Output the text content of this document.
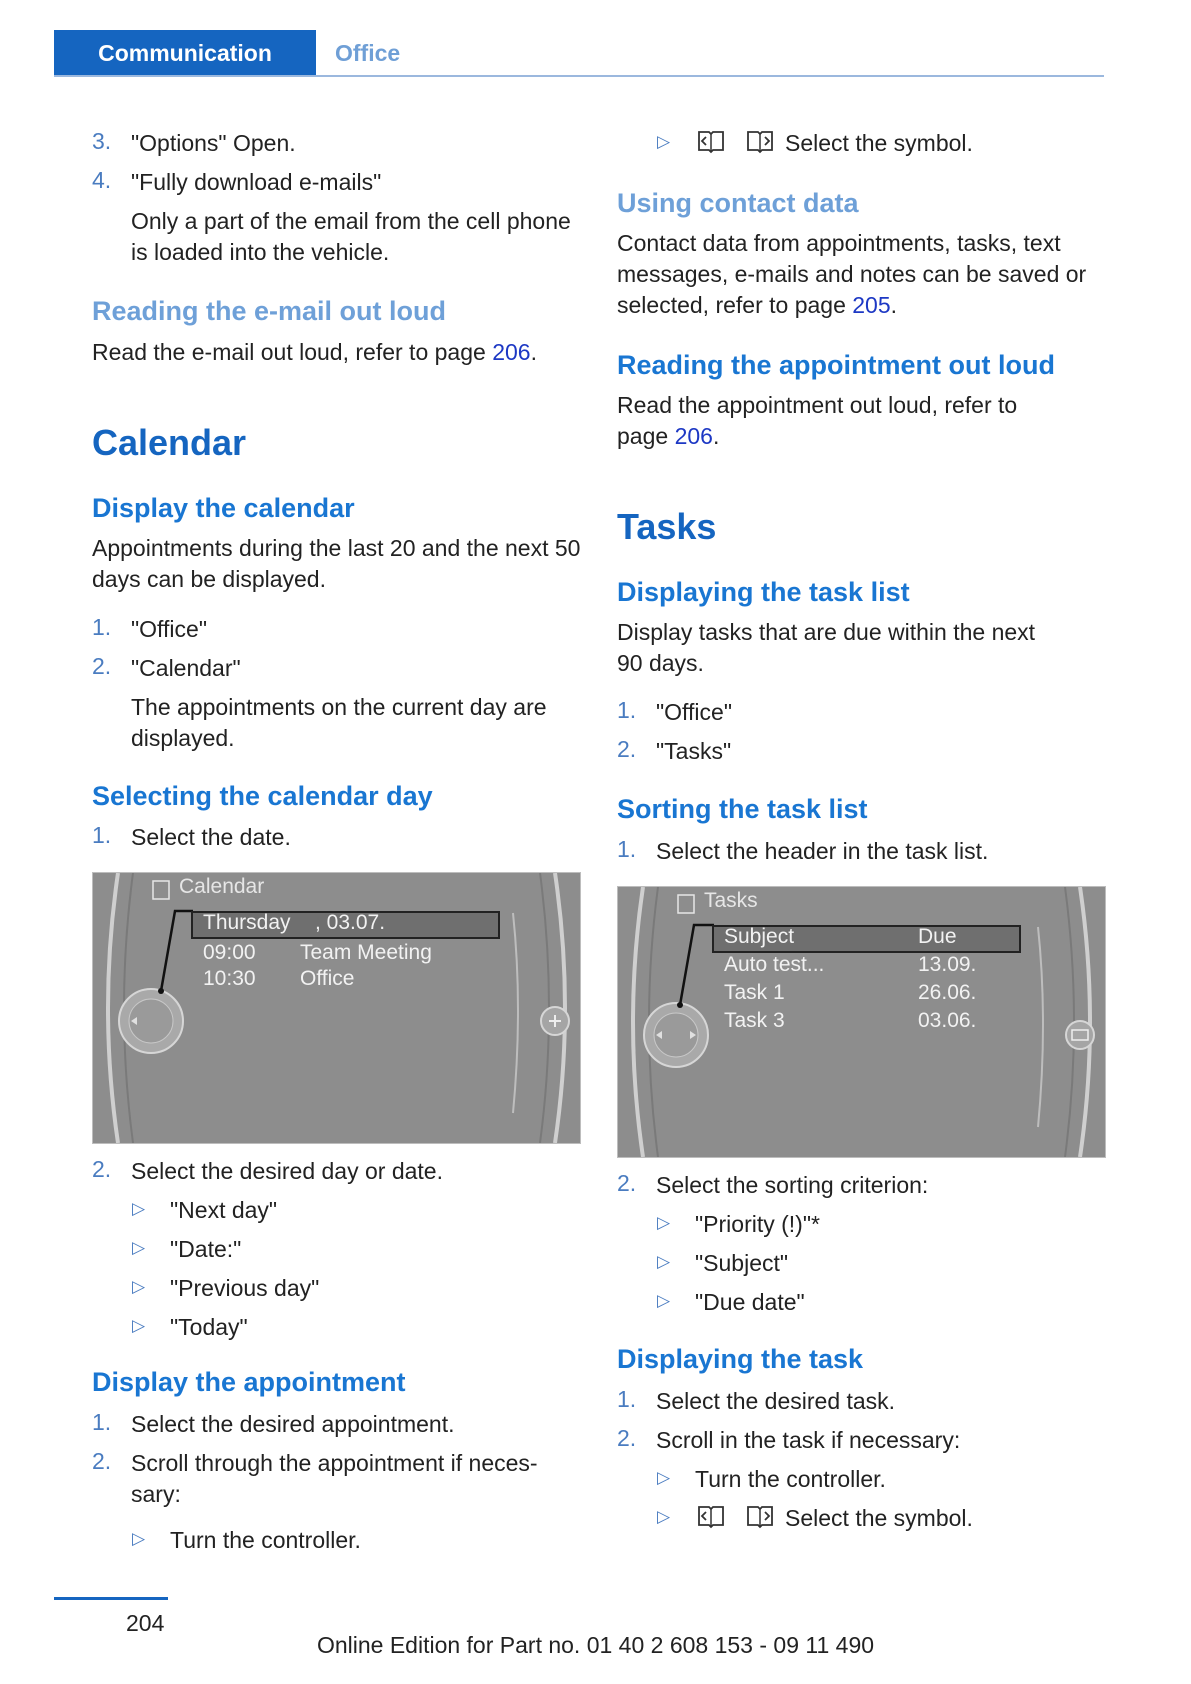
Communication	Office
3. "Options" Open.
4. "Fully download e-mails"
Only a part of the email from the cell phone is loaded into the vehicle.
Reading the e-mail out loud
Read the e-mail out loud, refer to page 206.
Calendar
Display the calendar
Appointments during the last 20 and the next 50 days can be displayed.
1. "Office"
2. "Calendar"
The appointments on the current day are displayed.
Selecting the calendar day
1. Select the date.
Calendar
Thursday , 03.07.
09:00 Team Meeting
10:30 Office
2. Select the desired day or date.
▷ "Next day"
▷ "Date:"
▷ "Previous day"
▷ "Today"
Display the appointment
1. Select the desired appointment.
2. Scroll through the appointment if neces-sary:
▷ Turn the controller.
▷	Select the symbol.
Using contact data
Contact data from appointments, tasks, text messages, e-mails and notes can be saved or selected, refer to page 205.
Reading the appointment out loud
Read the appointment out loud, refer to page 206.
Tasks
Displaying the task list
Display tasks that are due within the next 90 days.
1. "Office"
2. "Tasks"
Sorting the task list
1. Select the header in the task list.
Tasks
Subject	Due
Auto test...	13.09.
Task 1	26.06.
Task 3	03.06.
2. Select the sorting criterion:
▷ "Priority (!)"*
▷ "Subject"
▷ "Due date"
Displaying the task
1. Select the desired task.
2. Scroll in the task if necessary:
▷ Turn the controller.
▷	Select the symbol.
204
Online Edition for Part no. 01 40 2 608 153 - 09 11 490
